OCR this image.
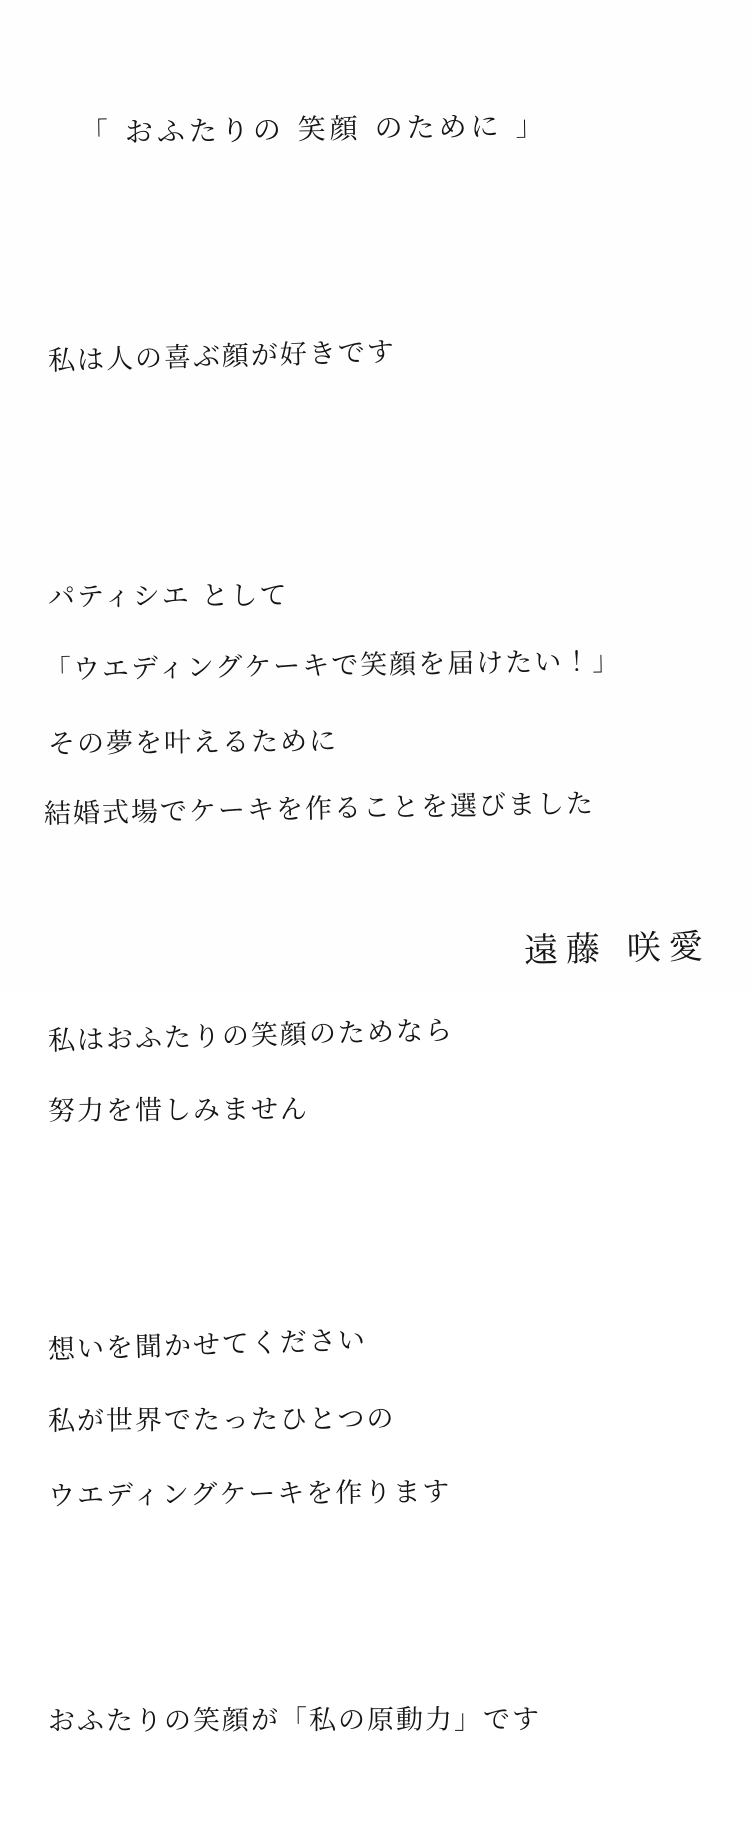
「 おふたりの 笑顔 のために 」

私は人の喜ぶ顔が好きです

パティシエ として

「ウエディングケーキで笑顔を届けたい！」

その夢を叶えるために

結婚式場でケーキを作ることを選びました

私はおふたりの笑顔のためなら

努力を惜しみません

想いを聞かせてください

私が世界でたったひとつの

ウエディングケーキを作ります

おふたりの笑顔が「私の原動力」です

遠藤 咲愛
